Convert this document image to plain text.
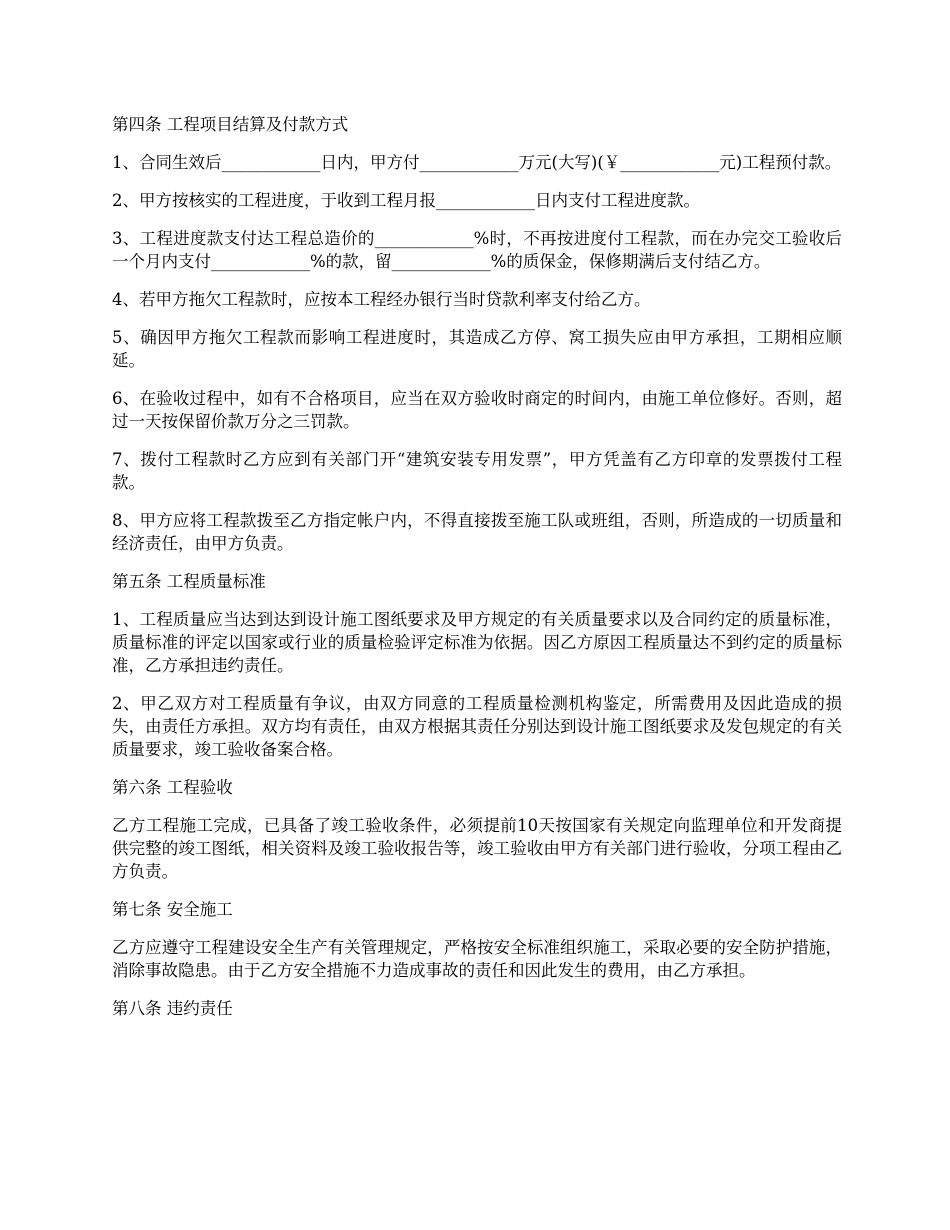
第四条 工程项目结算及付款方式

1、合同生效后____________日内，甲方付____________万元(大写)(￥____________元)工程预付款。

2、甲方按核实的工程进度，于收到工程月报____________日内支付工程进度款。

3、工程进度款支付达工程总造价的____________%时，不再按进度付工程款，而在办完交工验收后一个月内支付____________%的款，留____________%的质保金，保修期满后支付结乙方。

4、若甲方拖欠工程款时，应按本工程经办银行当时贷款利率支付给乙方。

5、确因甲方拖欠工程款而影响工程进度时，其造成乙方停、窝工损失应由甲方承担，工期相应顺延。

6、在验收过程中，如有不合格项目，应当在双方验收时商定的时间内，由施工单位修好。否则，超过一天按保留价款万分之三罚款。

7、拨付工程款时乙方应到有关部门开“建筑安装专用发票”，甲方凭盖有乙方印章的发票拨付工程款。

8、甲方应将工程款拨至乙方指定帐户内，不得直接拨至施工队或班组，否则，所造成的一切质量和经济责任，由甲方负责。

第五条 工程质量标准

1、工程质量应当达到达到设计施工图纸要求及甲方规定的有关质量要求以及合同约定的质量标准，质量标准的评定以国家或行业的质量检验评定标准为依据。因乙方原因工程质量达不到约定的质量标准，乙方承担违约责任。

2、甲乙双方对工程质量有争议，由双方同意的工程质量检测机构鉴定，所需费用及因此造成的损失，由责任方承担。双方均有责任，由双方根据其责任分别达到设计施工图纸要求及发包规定的有关质量要求，竣工验收备案合格。

第六条 工程验收

乙方工程施工完成，已具备了竣工验收条件，必须提前10天按国家有关规定向监理单位和开发商提供完整的竣工图纸，相关资料及竣工验收报告等，竣工验收由甲方有关部门进行验收，分项工程由乙方负责。

第七条 安全施工

乙方应遵守工程建设安全生产有关管理规定，严格按安全标准组织施工，采取必要的安全防护措施，消除事故隐患。由于乙方安全措施不力造成事故的责任和因此发生的费用，由乙方承担。

第八条 违约责任
